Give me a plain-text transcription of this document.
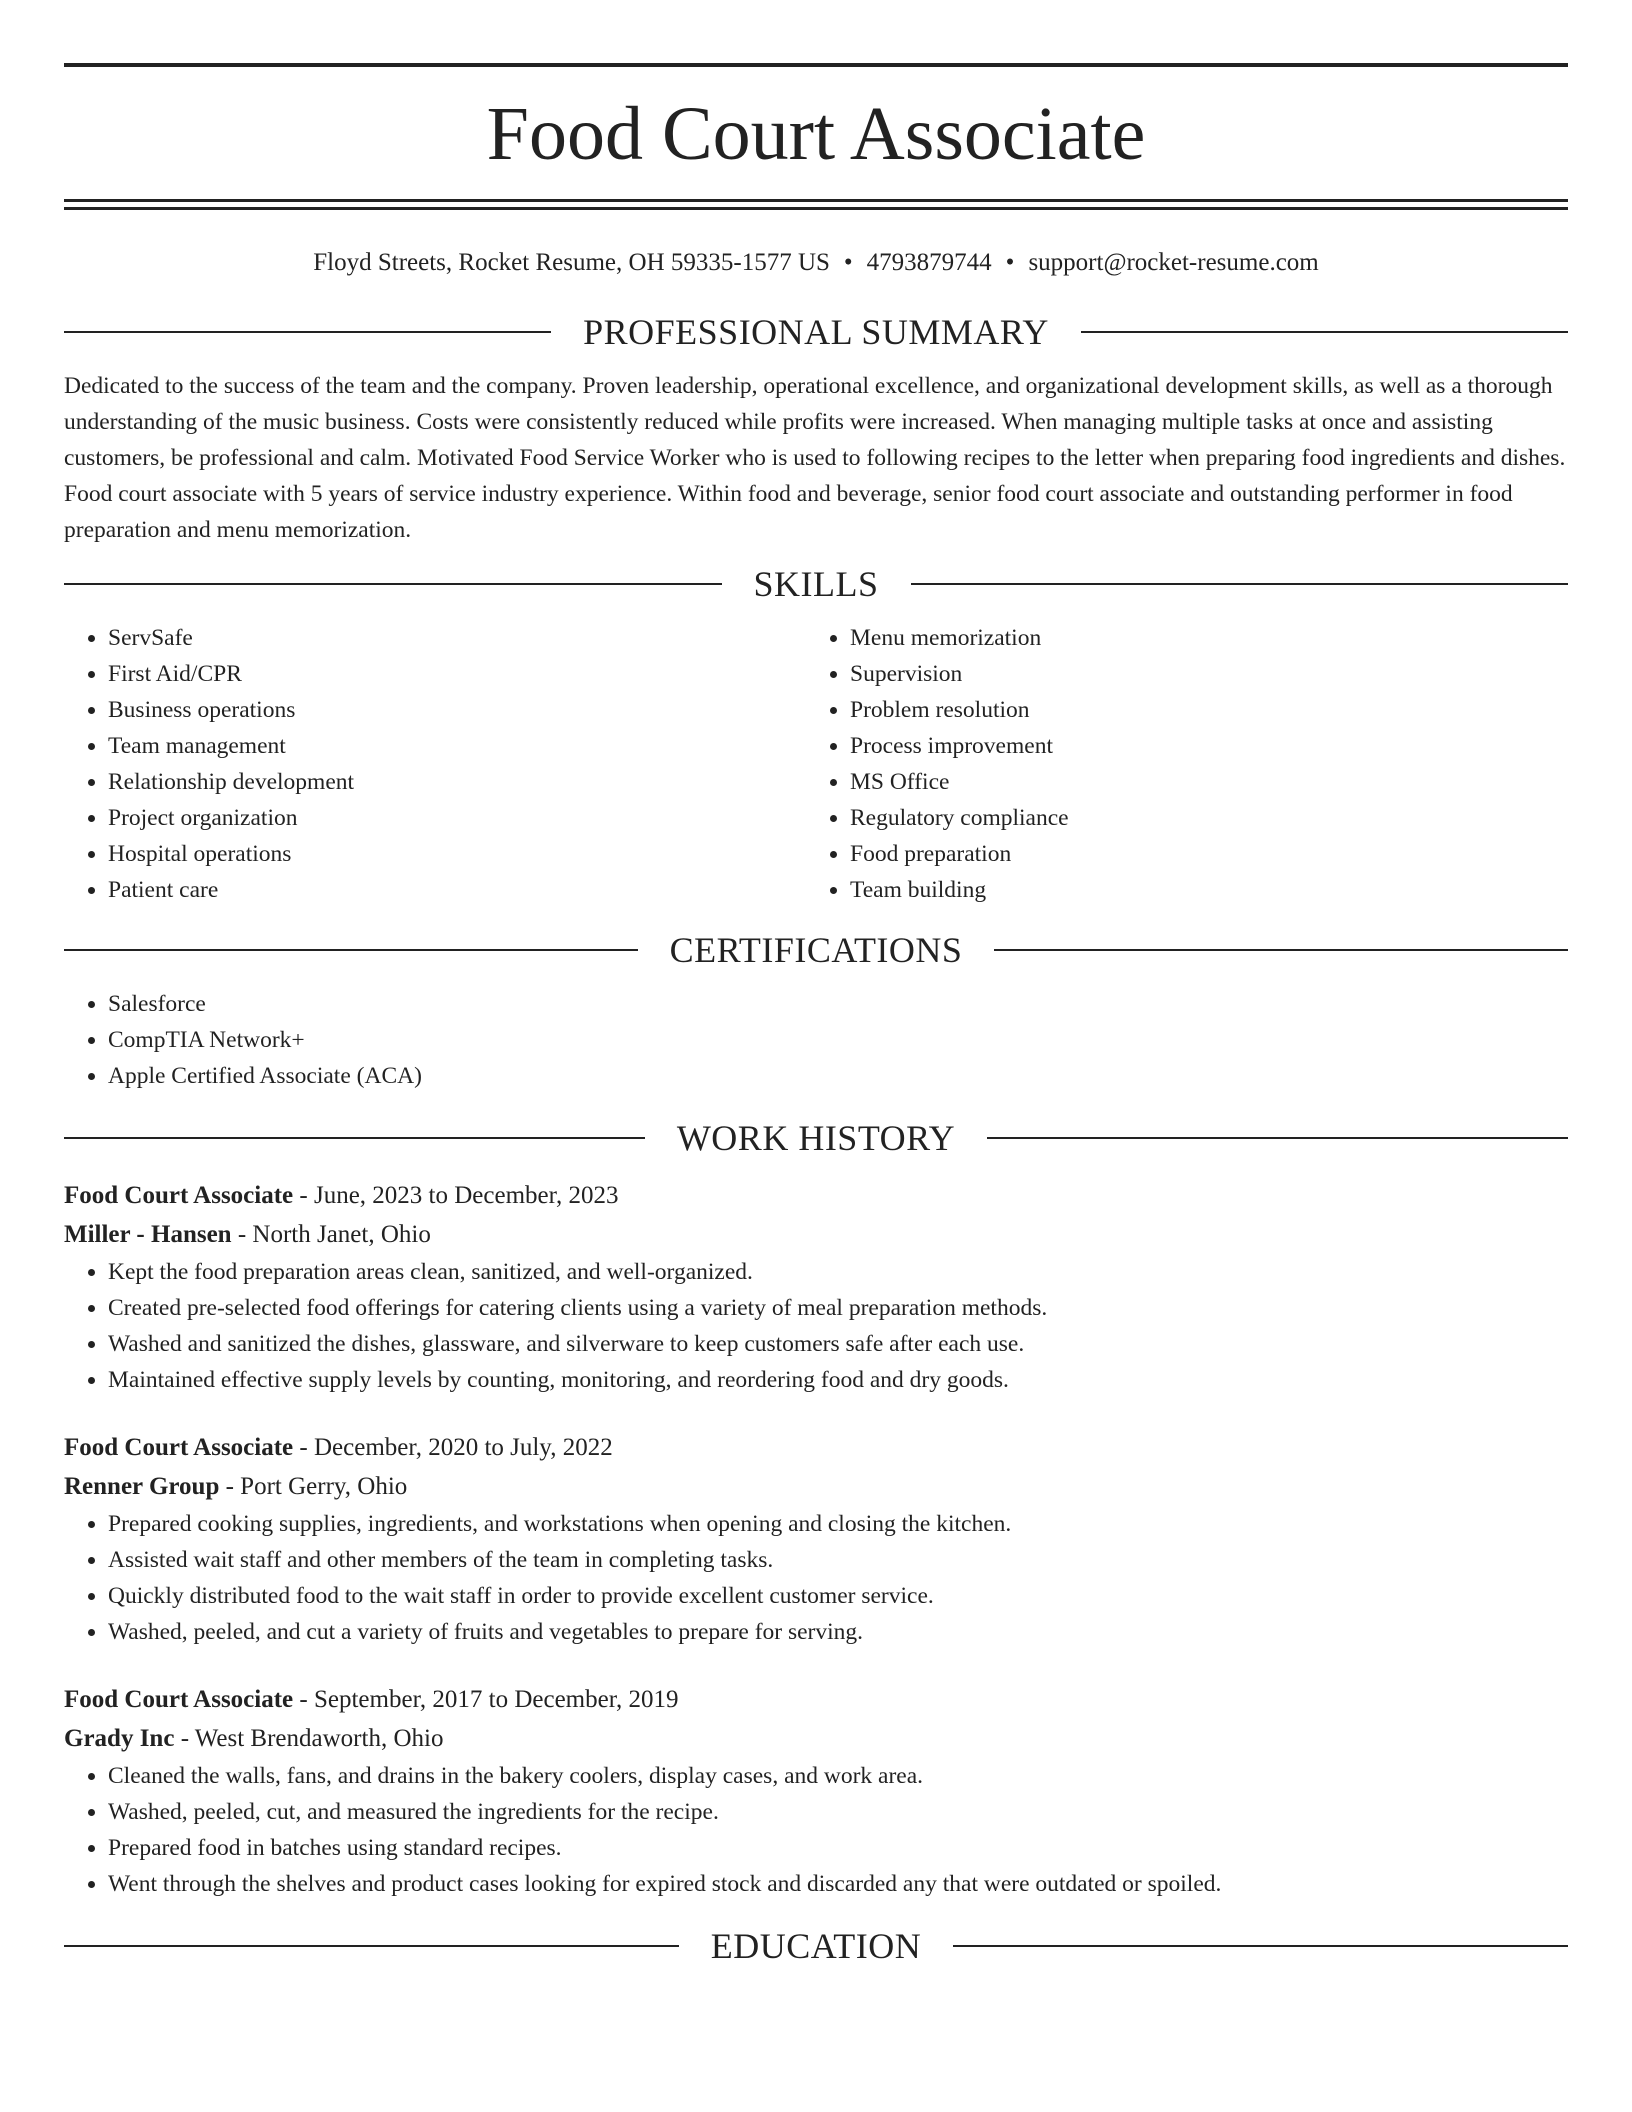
Food Court Associate
Floyd Streets, Rocket Resume, OH 59335-1577 US • 4793879744 • support@rocket-resume.com
PROFESSIONAL SUMMARY
Dedicated to the success of the team and the company. Proven leadership, operational excellence, and organizational development skills, as well as a thorough understanding of the music business. Costs were consistently reduced while profits were increased. When managing multiple tasks at once and assisting customers, be professional and calm. Motivated Food Service Worker who is used to following recipes to the letter when preparing food ingredients and dishes. Food court associate with 5 years of service industry experience. Within food and beverage, senior food court associate and outstanding performer in food preparation and menu memorization.
SKILLS
• ServSafe
• First Aid/CPR
• Business operations
• Team management
• Relationship development
• Project organization
• Hospital operations
• Patient care
• Menu memorization
• Supervision
• Problem resolution
• Process improvement
• MS Office
• Regulatory compliance
• Food preparation
• Team building
CERTIFICATIONS
• Salesforce
• CompTIA Network+
• Apple Certified Associate (ACA)
WORK HISTORY
Food Court Associate - June, 2023 to December, 2023
Miller - Hansen - North Janet, Ohio
• Kept the food preparation areas clean, sanitized, and well-organized.
• Created pre-selected food offerings for catering clients using a variety of meal preparation methods.
• Washed and sanitized the dishes, glassware, and silverware to keep customers safe after each use.
• Maintained effective supply levels by counting, monitoring, and reordering food and dry goods.
Food Court Associate - December, 2020 to July, 2022
Renner Group - Port Gerry, Ohio
• Prepared cooking supplies, ingredients, and workstations when opening and closing the kitchen.
• Assisted wait staff and other members of the team in completing tasks.
• Quickly distributed food to the wait staff in order to provide excellent customer service.
• Washed, peeled, and cut a variety of fruits and vegetables to prepare for serving.
Food Court Associate - September, 2017 to December, 2019
Grady Inc - West Brendaworth, Ohio
• Cleaned the walls, fans, and drains in the bakery coolers, display cases, and work area.
• Washed, peeled, cut, and measured the ingredients for the recipe.
• Prepared food in batches using standard recipes.
• Went through the shelves and product cases looking for expired stock and discarded any that were outdated or spoiled.
EDUCATION
